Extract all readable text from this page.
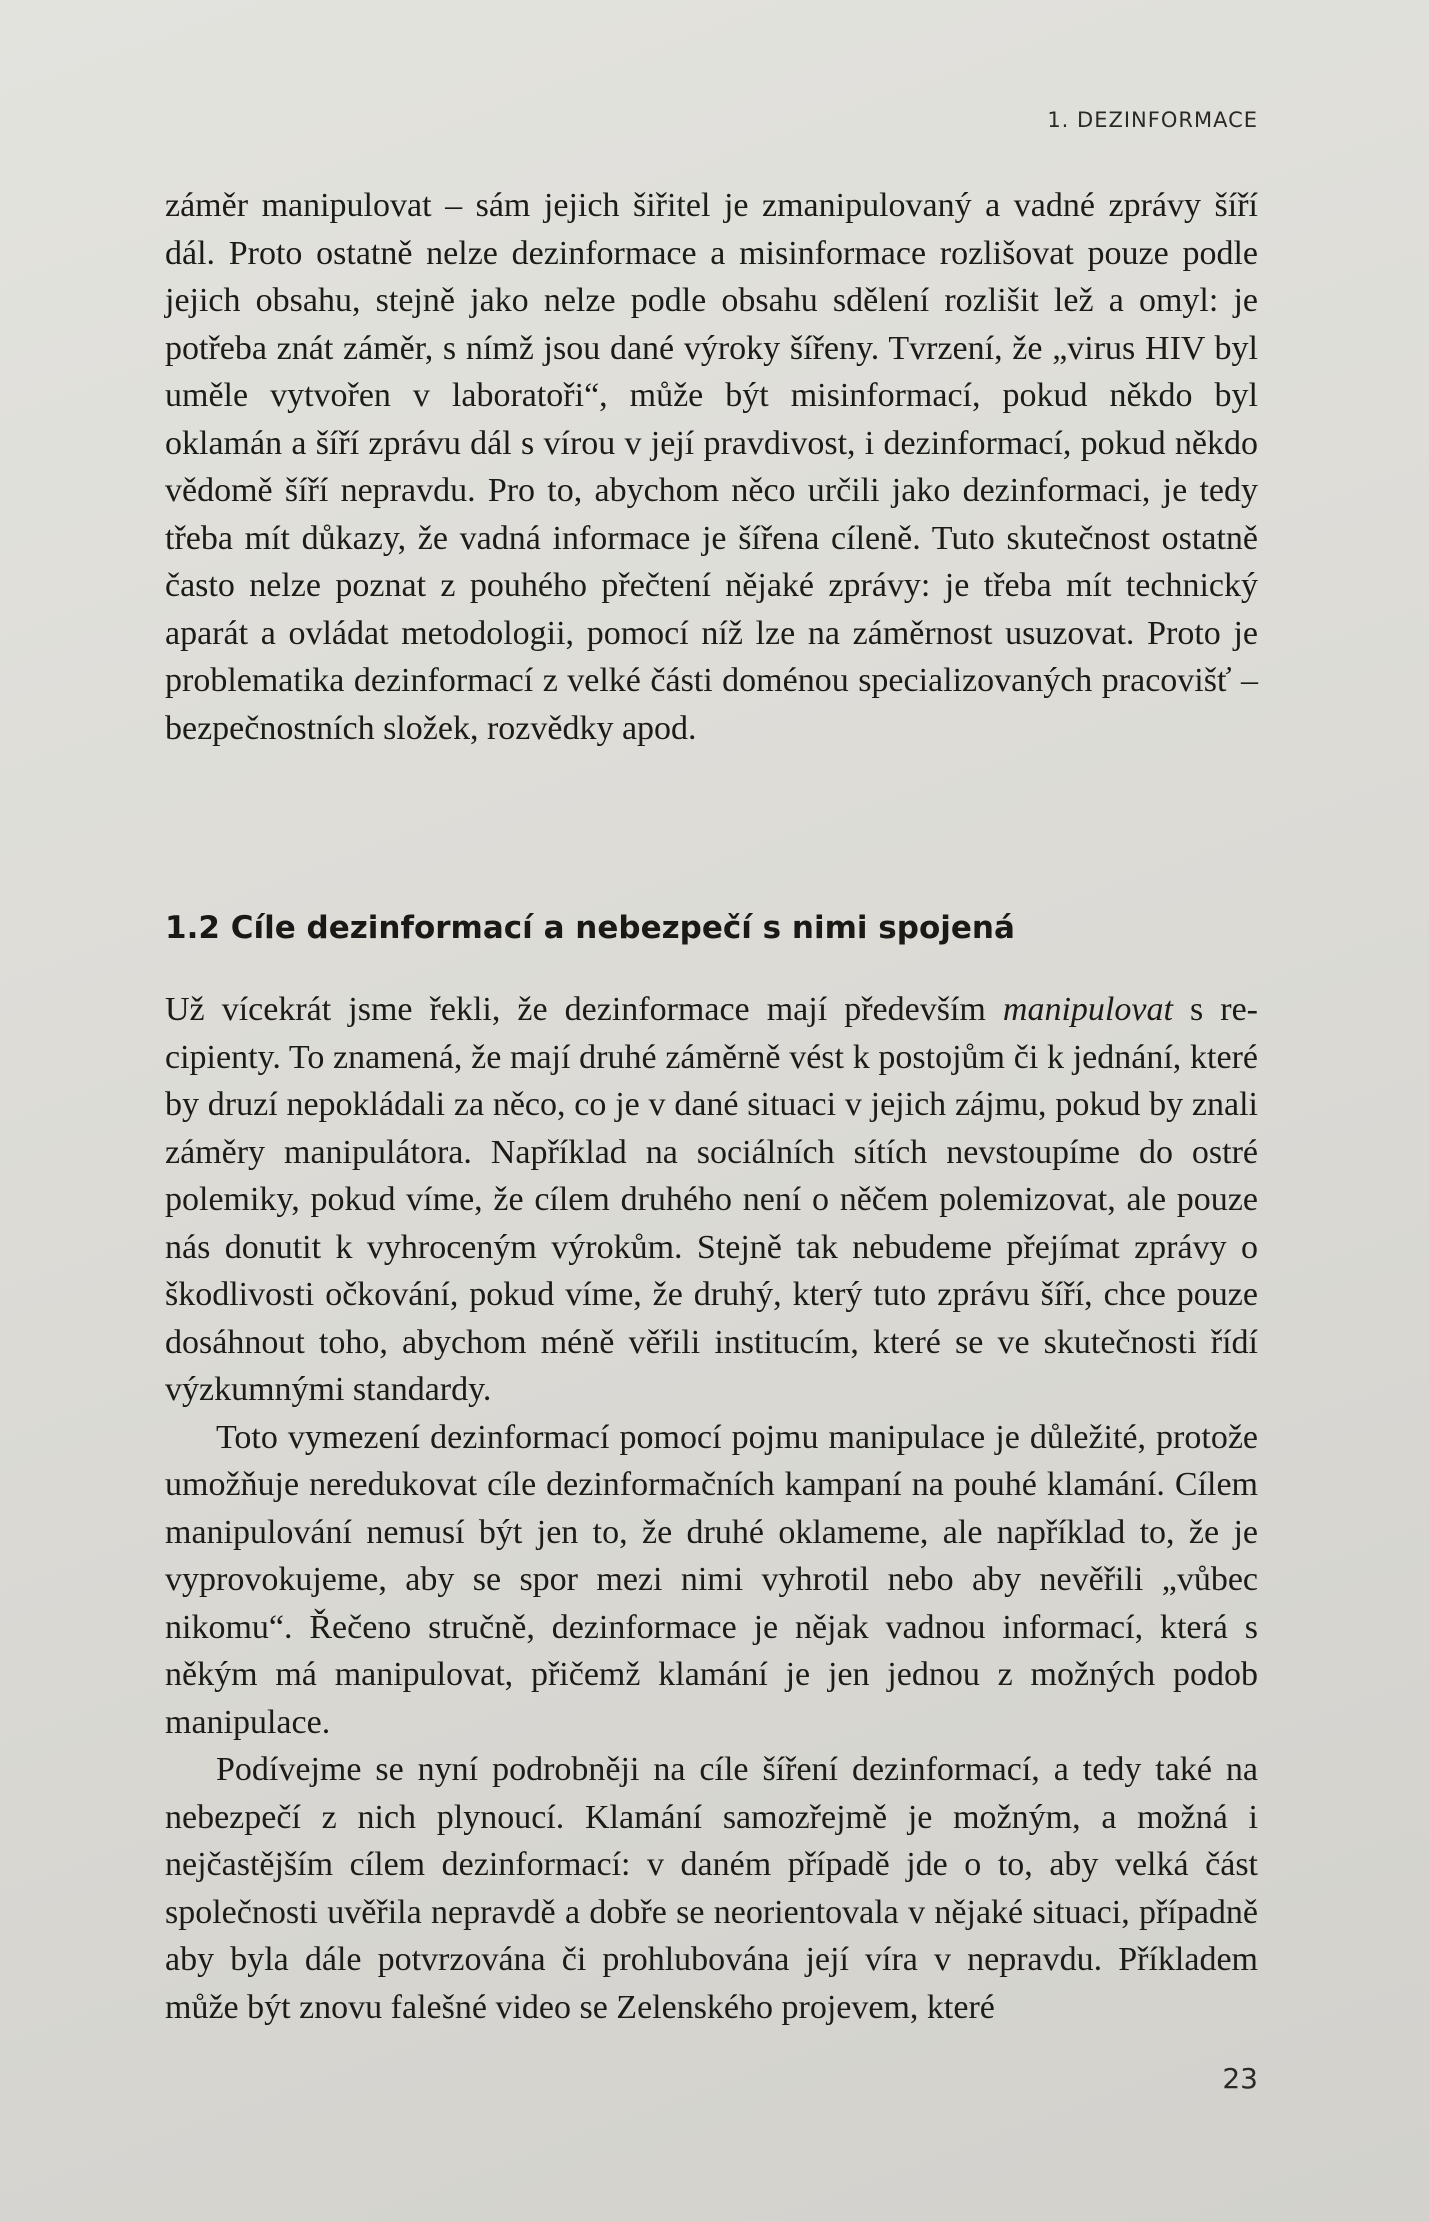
1. DEZINFORMACE

záměr manipulovat – sám jejich šiřitel je zmanipulovaný a vadné zprávy šíří dál. Proto ostatně nelze dezinformace a misinformace rozlišovat pouze podle jejich obsahu, stejně jako nelze podle obsahu sdělení rozlišit lež a omyl: je potřeba znát záměr, s nímž jsou dané výroky šířeny. Tvrzení, že „virus HIV byl uměle vytvořen v laboratoři“, může být misinformací, pokud někdo byl oklamán a šíří zprávu dál s vírou v její pravdivost, i dezinformací, pokud někdo vědomě šíří nepravdu. Pro to, abychom něco určili jako dezinformaci, je tedy třeba mít důkazy, že vadná informace je šířena cíleně. Tuto skutečnost ostatně často nelze poznat z pouhého přečtení nějaké zprávy: je třeba mít technický aparát a ovládat metodologii, pomocí níž lze na záměrnost usuzovat. Proto je problematika dezinformací z velké části doménou specializovaných pracovišť – bezpečnostních složek, rozvědky apod.

1.2 Cíle dezinformací a nebezpečí s nimi spojená

Už vícekrát jsme řekli, že dezinformace mají především manipulovat s recipienty. To znamená, že mají druhé záměrně vést k postojům či k jednání, které by druzí nepokládali za něco, co je v dané situaci v jejich zájmu, pokud by znali záměry manipulátora. Například na sociálních sítích nevstoupíme do ostré polemiky, pokud víme, že cílem druhého není o něčem polemizovat, ale pouze nás donutit k vyhroceným výrokům. Stejně tak nebudeme přejímat zprávy o škodlivosti očkování, pokud víme, že druhý, který tuto zprávu šíří, chce pouze dosáhnout toho, abychom méně věřili institucím, které se ve skutečnosti řídí výzkumnými standardy.

Toto vymezení dezinformací pomocí pojmu manipulace je důležité, protože umožňuje neredukovat cíle dezinformačních kampaní na pouhé klamání. Cílem manipulování nemusí být jen to, že druhé oklameme, ale například to, že je vyprovokujeme, aby se spor mezi nimi vyhrotil nebo aby nevěřili „vůbec nikomu“. Řečeno stručně, dezinformace je nějak vadnou informací, která s někým má manipulovat, přičemž klamání je jen jednou z možných podob manipulace.

Podívejme se nyní podrobněji na cíle šíření dezinformací, a tedy také na nebezpečí z nich plynoucí. Klamání samozřejmě je možným, a možná i nejčastějším cílem dezinformací: v daném případě jde o to, aby velká část společnosti uvěřila nepravdě a dobře se neorientovala v nějaké situaci, případně aby byla dále potvrzována či prohlubována její víra v nepravdu. Příkladem může být znovu falešné video se Zelenského projevem, které

23
